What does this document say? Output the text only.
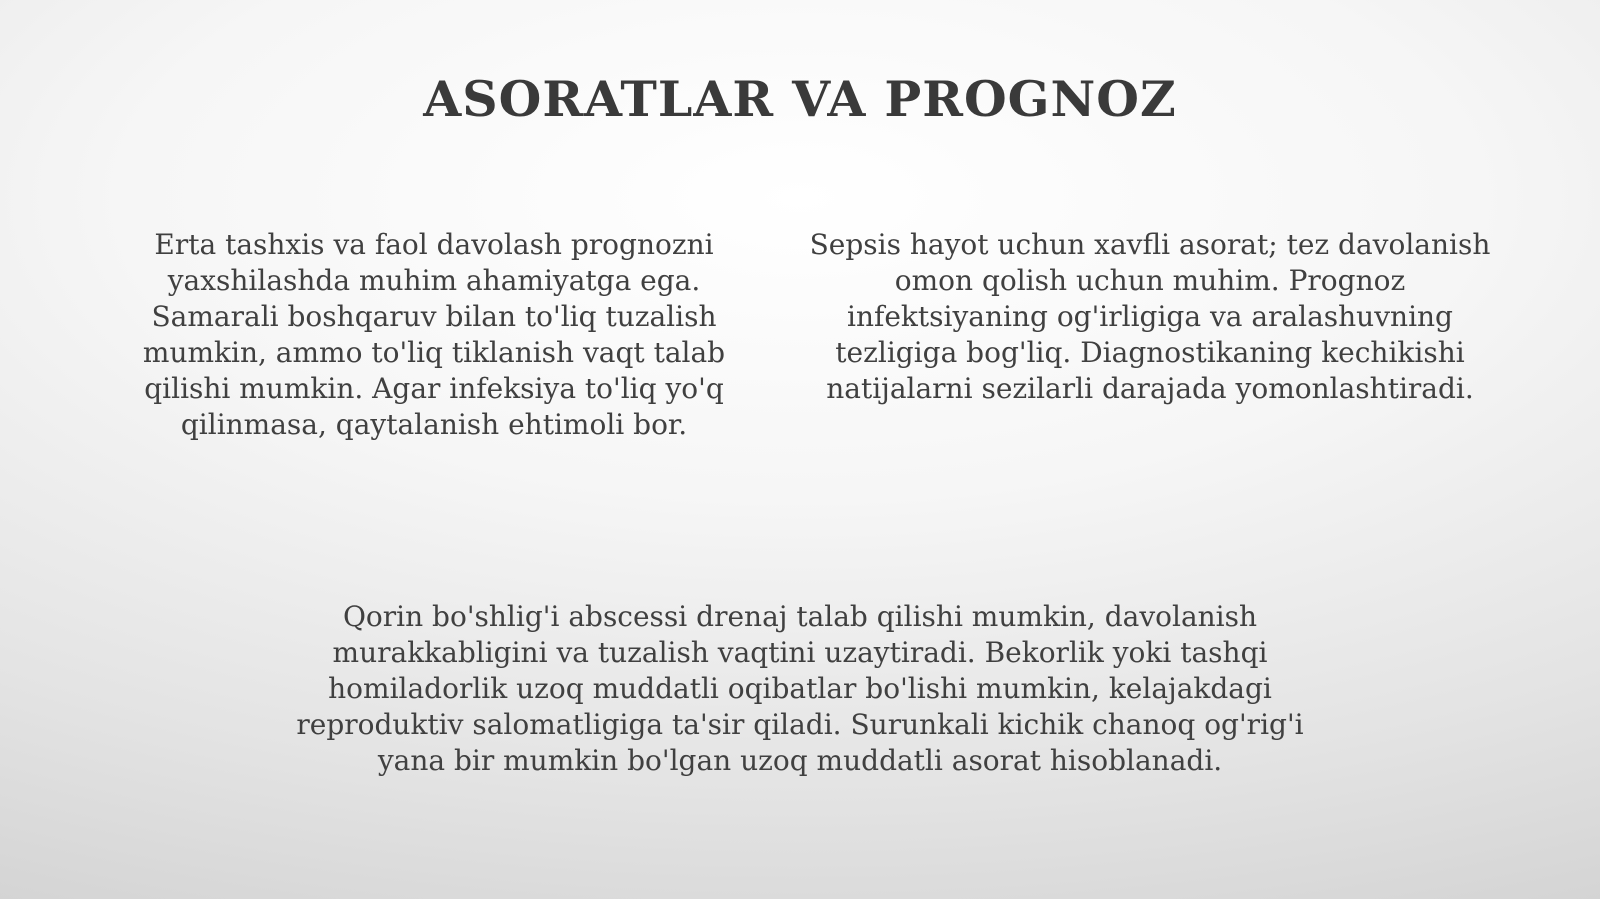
ASORATLAR VA PROGNOZ

Erta tashxis va faol davolash prognozni yaxshilashda muhim ahamiyatga ega. Samarali boshqaruv bilan to'liq tuzalish mumkin, ammo to'liq tiklanish vaqt talab qilishi mumkin. Agar infeksiya to'liq yo'q qilinmasa, qaytalanish ehtimoli bor.

Sepsis hayot uchun xavfli asorat; tez davolanish omon qolish uchun muhim. Prognoz infektsiyaning og'irligiga va aralashuvning tezligiga bog'liq. Diagnostikaning kechikishi natijalarni sezilarli darajada yomonlashtiradi.

Qorin bo'shlig'i abscessi drenaj talab qilishi mumkin, davolanish murakkabligini va tuzalish vaqtini uzaytiradi. Bekorlik yoki tashqi homiladorlik uzoq muddatli oqibatlar bo'lishi mumkin, kelajakdagi reproduktiv salomatligiga ta'sir qiladi. Surunkali kichik chanoq og'rig'i yana bir mumkin bo'lgan uzoq muddatli asorat hisoblanadi.
